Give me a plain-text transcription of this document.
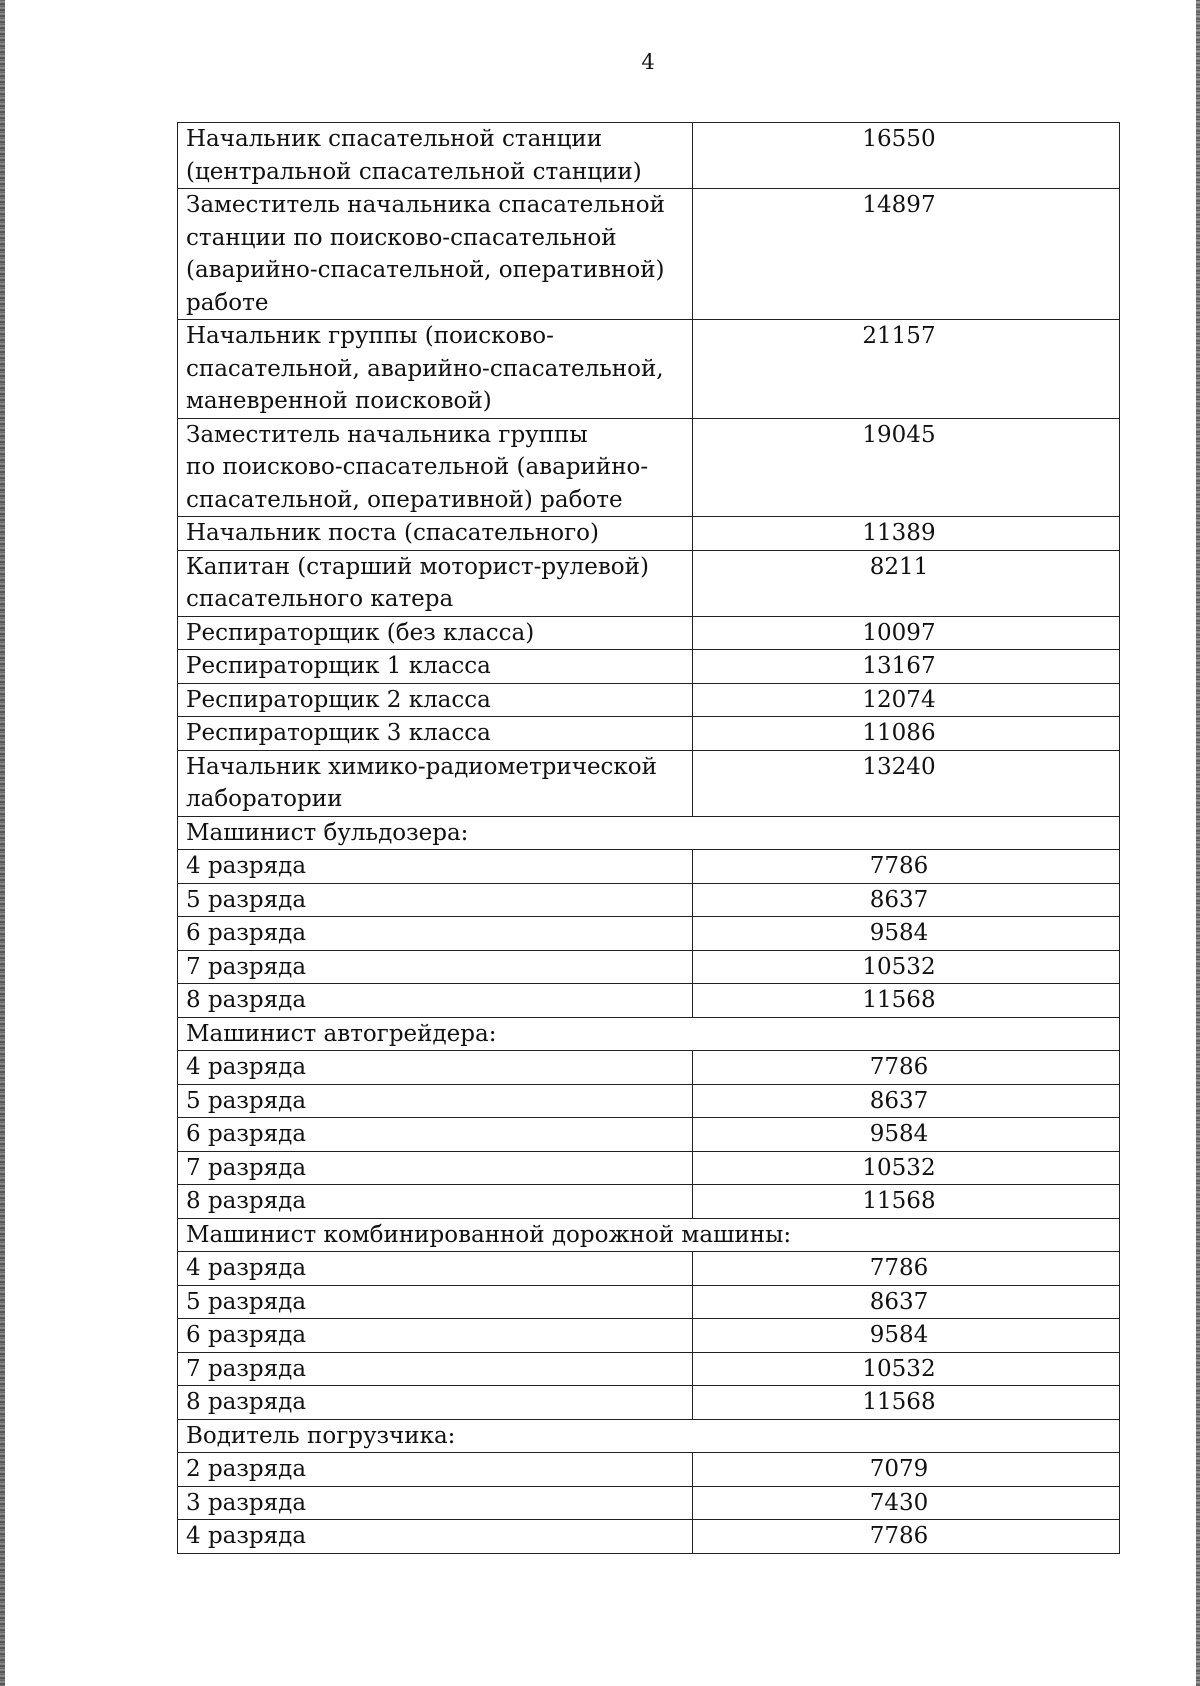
4
Начальник спасательной станции
(центральной спасательной станции)	16550
Заместитель начальника спасательной
станции по поисково-спасательной
(аварийно-спасательной, оперативной)
работе	14897
Начальник группы (поисково-
спасательной, аварийно-спасательной,
маневренной поисковой)	21157
Заместитель начальника группы
по поисково-спасательной (аварийно-
спасательной, оперативной) работе	19045
Начальник поста (спасательного)	11389
Капитан (старший моторист-рулевой)
спасательного катера	8211
Респираторщик (без класса)	10097
Респираторщик 1 класса	13167
Респираторщик 2 класса	12074
Респираторщик 3 класса	11086
Начальник химико-радиометрической
лаборатории	13240
Машинист бульдозера:	
4 разряда	7786
5 разряда	8637
6 разряда	9584
7 разряда	10532
8 разряда	11568
Машинист автогрейдера:	
4 разряда	7786
5 разряда	8637
6 разряда	9584
7 разряда	10532
8 разряда	11568
Машинист комбинированной дорожной машины:	
4 разряда	7786
5 разряда	8637
6 разряда	9584
7 разряда	10532
8 разряда	11568
Водитель погрузчика:	
2 разряда	7079
3 разряда	7430
4 разряда	7786
